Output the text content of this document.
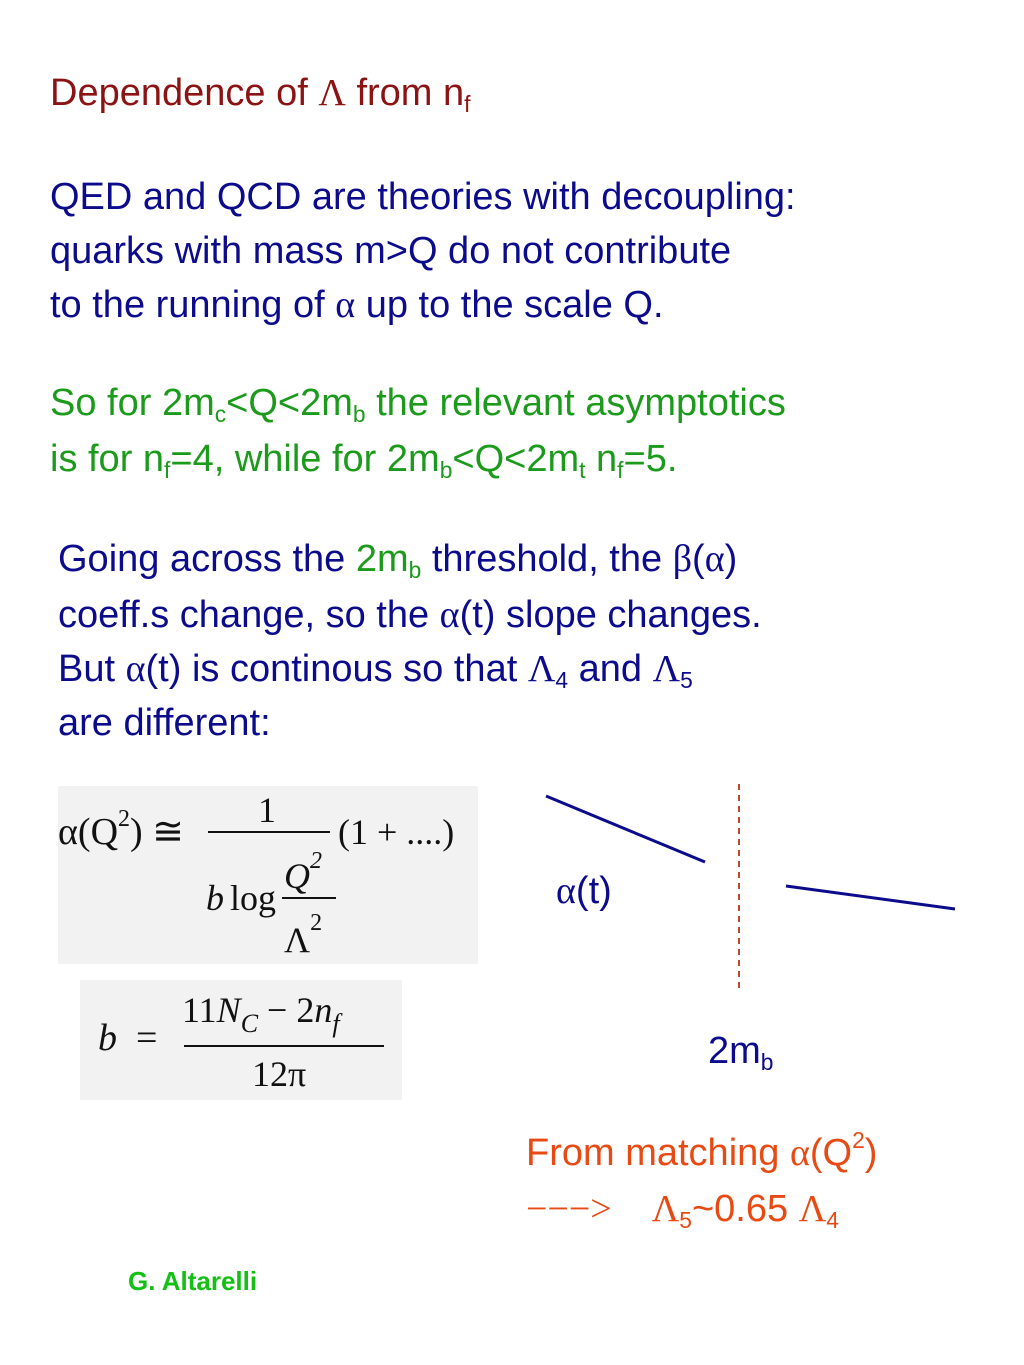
Dependence of Λ from $n_f$
QED and QCD are theories with decoupling:
quarks with mass m>Q do not contribute
to the running of α up to the scale Q.
So for $2m_c<Q<2m_b$ the relevant asymptotics
is for $n_f=4$, while for $2m_b<Q<2m_t$ $n_f=5$.
Going across the $2m_b$ threshold, the β(α)
coeff.s change, so the α(t) slope changes.
But α(t) is continous so that $\Lambda_4$ and $\Lambda_5$
are different:
$\alpha(Q^2)$ ≅
1
(1 + ....)
b log
$Q^2$
$\Lambda^2$
b =
$11N_C - 2n_f$
12π
α(t)
$2m_b$
From matching $\alpha(Q^2)$
−−−> $\Lambda_5\sim 0.65$ $\Lambda_4$
G. Altarelli
